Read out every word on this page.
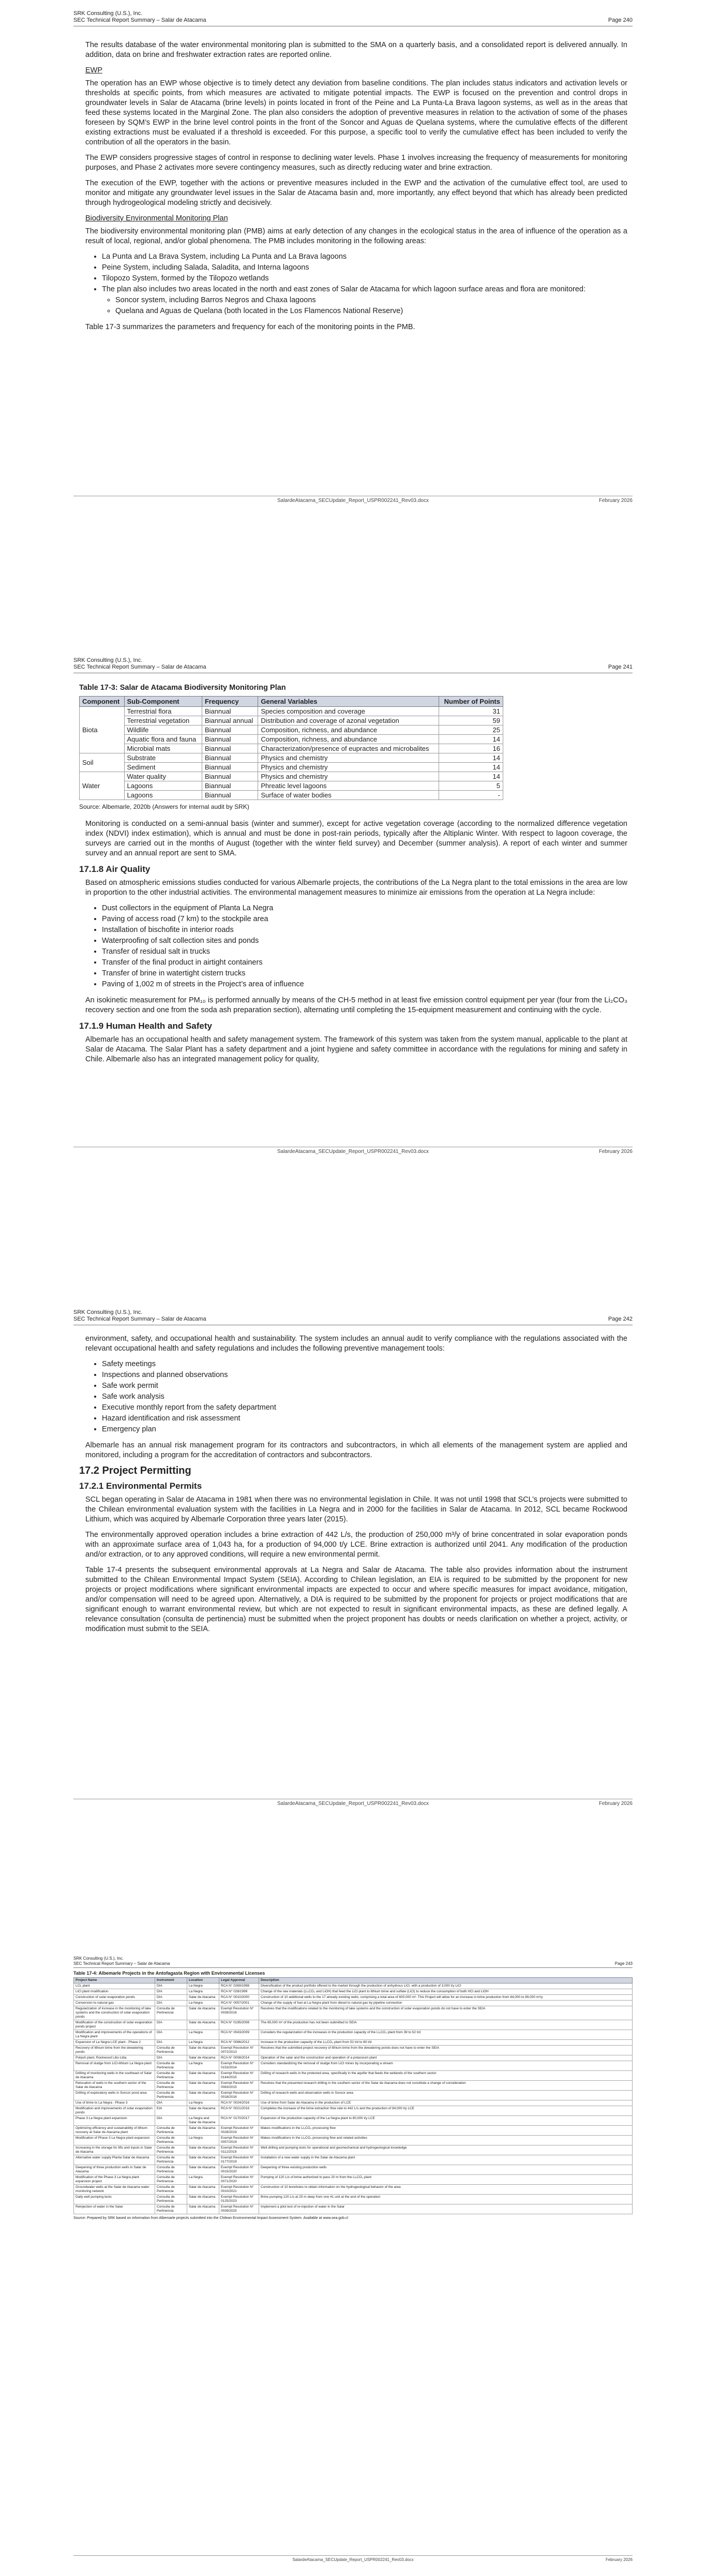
SRK Consulting (U.S.), Inc.
SEC Technical Report Summary – Salar de Atacama	Page 240

The results database of the water environmental monitoring plan is submitted to the SMA on a quarterly basis, and a consolidated report is delivered annually. In addition, data on brine and freshwater extraction rates are reported online.

EWP

The operation has an EWP whose objective is to timely detect any deviation from baseline conditions. The plan includes status indicators and activation levels or thresholds at specific points, from which measures are activated to mitigate potential impacts. The EWP is focused on the prevention and control drops in groundwater levels in Salar de Atacama (brine levels) in points located in front of the Peine and La Punta-La Brava lagoon systems, as well as in the areas that feed these systems located in the Marginal Zone. The plan also considers the adoption of preventive measures in relation to the activation of some of the phases foreseen by SQM’s EWP in the brine level control points in the front of the Soncor and Aguas de Quelana systems, where the cumulative effects of the different existing extractions must be evaluated if a threshold is exceeded. For this purpose, a specific tool to verify the cumulative effect has been included to verify the contribution of all the operators in the basin.

The EWP considers progressive stages of control in response to declining water levels. Phase 1 involves increasing the frequency of measurements for monitoring purposes, and Phase 2 activates more severe contingency measures, such as directly reducing water and brine extraction.

The execution of the EWP, together with the actions or preventive measures included in the EWP and the activation of the cumulative effect tool, are used to monitor and mitigate any groundwater level issues in the Salar de Atacama basin and, more importantly, any effect beyond that which has already been predicted through hydrogeological modeling strictly and decisively.

Biodiversity Environmental Monitoring Plan

The biodiversity environmental monitoring plan (PMB) aims at early detection of any changes in the ecological status in the area of influence of the operation as a result of local, regional, and/or global phenomena. The PMB includes monitoring in the following areas:

• La Punta and La Brava System, including La Punta and La Brava lagoons
• Peine System, including Salada, Saladita, and Interna lagoons
• Tilopozo System, formed by the Tilopozo wetlands
• The plan also includes two areas located in the north and east zones of Salar de Atacama for which lagoon surface areas and flora are monitored:
◦ Soncor system, including Barros Negros and Chaxa lagoons
◦ Quelana and Aguas de Quelana (both located in the Los Flamencos National Reserve)

Table 17-3 summarizes the parameters and frequency for each of the monitoring points in the PMB.

SalardeAtacama_SECUpdate_Report_USPR002241_Rev03.docx	February 2026
SRK Consulting (U.S.), Inc.
SEC Technical Report Summary – Salar de Atacama	Page 241
Table 17-3: Salar de Atacama Biodiversity Monitoring Plan
Component	Sub-Component	Frequency	General Variables	Number of Points
Biota	Terrestrial flora	Biannual	Species composition and coverage	31
	Terrestrial vegetation	Biannual annual	Distribution and coverage of azonal vegetation	59
	Wildlife	Biannual	Composition, richness, and abundance	25
	Aquatic flora and fauna	Biannual	Composition, richness, and abundance	14
	Microbial mats	Biannual	Characterization/presence of eupractes and microbalites	16
Soil	Substrate	Biannual	Physics and chemistry	14
	Sediment	Biannual	Physics and chemistry	14
Water	Water quality	Biannual	Physics and chemistry	14
	Lagoons	Biannual	Phreatic level lagoons	5
	Lagoons	Biannual	Surface of water bodies	-
Source: Albemarle, 2020b (Answers for internal audit by SRK)

Monitoring is conducted on a semi-annual basis (winter and summer), except for active vegetation coverage (according to the normalized difference vegetation index (NDVI) index estimation), which is annual and must be done in post-rain periods, typically after the Altiplanic Winter. With respect to lagoon coverage, the surveys are carried out in the months of August (together with the winter field survey) and December (summer analysis). A report of each winter and summer survey and an annual report are sent to SMA.

17.1.8 Air Quality

Based on atmospheric emissions studies conducted for various Albemarle projects, the contributions of the La Negra plant to the total emissions in the area are low in proportion to the other industrial activities. The environmental management measures to minimize air emissions from the operation at La Negra include:

• Dust collectors in the equipment of Planta La Negra
• Paving of access road (7 km) to the stockpile area
• Installation of bischofite in interior roads
• Waterproofing of salt collection sites and ponds
• Transfer of residual salt in trucks
• Transfer of the final product in airtight containers
• Transfer of brine in watertight cistern trucks
• Paving of 1,002 m of streets in the Project’s area of influence

An isokinetic measurement for PM₁₀ is performed annually by means of the CH-5 method in at least five emission control equipment per year (four from the Li₂CO₃ recovery section and one from the soda ash preparation section), alternating until completing the 15-equipment measurement and continuing with the cycle.

17.1.9 Human Health and Safety

Albemarle has an occupational health and safety management system. The framework of this system was taken from the system manual, applicable to the plant at Salar de Atacama. The Salar Plant has a safety department and a joint hygiene and safety committee in accordance with the regulations for mining and safety in Chile. Albemarle also has an integrated management policy for quality,

SalardeAtacama_SECUpdate_Report_USPR002241_Rev03.docx	February 2026
SRK Consulting (U.S.), Inc.
SEC Technical Report Summary – Salar de Atacama	Page 242

environment, safety, and occupational health and sustainability. The system includes an annual audit to verify compliance with the regulations associated with the relevant occupational health and safety regulations and includes the following preventive management tools:

• Safety meetings
• Inspections and planned observations
• Safe work permit
• Safe work analysis
• Executive monthly report from the safety department
• Hazard identification and risk assessment
• Emergency plan

Albemarle has an annual risk management program for its contractors and subcontractors, in which all elements of the management system are applied and monitored, including a program for the accreditation of contractors and subcontractors.

17.2 Project Permitting
17.2.1 Environmental Permits

SCL began operating in Salar de Atacama in 1981 when there was no environmental legislation in Chile. It was not until 1998 that SCL’s projects were submitted to the Chilean environmental evaluation system with the facilities in La Negra and in 2000 for the facilities in Salar de Atacama. In 2012, SCL became Rockwood Lithium, which was acquired by Albemarle Corporation three years later (2015).

The environmentally approved operation includes a brine extraction of 442 L/s, the production of 250,000 m³/y of brine concentrated in solar evaporation ponds with an approximate surface area of 1,043 ha, for a production of 94,000 t/y LCE. Brine extraction is authorized until 2041. Any modification of the production and/or extraction, or to any approved conditions, will require a new environmental permit.

Table 17-4 presents the subsequent environmental approvals at La Negra and Salar de Atacama. The table also provides information about the instrument submitted to the Chilean Environmental Impact System (SEIA). According to Chilean legislation, an EIA is required to be submitted by the proponent for new projects or project modifications where significant environmental impacts are expected to occur and where specific measures for impact avoidance, mitigation, and/or compensation will need to be agreed upon. Alternatively, a DIA is required to be submitted by the proponent for projects or project modifications that are significant enough to warrant environmental review, but which are not expected to result in significant environmental impacts, as these are defined legally. A relevance consultation (consulta de pertinencia) must be submitted when the project proponent has doubts or needs clarification on whether a project, activity, or modification must submit to the SEIA.

SalardeAtacama_SECUpdate_Report_USPR002241_Rev03.docx	February 2026
SRK Consulting (U.S.), Inc.
SEC Technical Report Summary – Salar de Atacama	Page 243
Table 17-4: Albemarle Projects in the Antofagasta Region with Environmental Licenses
Project Name	Instrument	Location	Legal Approval	Description
LCL plant	DIA	La Negra	RCA N° 0269/1998	Diversification of the product portfolio offered to the market through the production of anhydrous LiCl, with a production of 3,000 t/y LiCl
LiCl plant modification	DIA	La Negra	RCA N° 028/1999	Change of the raw materials (Li₂CO₃ and LiOH) that feed the LiCl plant to lithium brine and sulfate (LiCl) to reduce the consumption of both HCl and LiOH
Construction of solar evaporation ponds	DIA	Salar de Atacama	RCA N° 0010/2000	Construction of 10 additional wells to the 17 already existing wells, comprising a total area of 600,000 m². This Project will allow for an increase in brine production from 84,000 to 89,000 m³/y
Conversion to natural gas	DIA	La Negra	RCA N° 0057/2001	Change of the supply of fuel at La Negra plant from diesel to natural gas by pipeline connection
Regularization of increase in the monitoring of lake systems and the construction of solar evaporation ponds	Consulta de Pertinencia	Salar de Atacama	Exempt Resolution N° 0039/2016	Resolves that the modifications related to the monitoring of lake systems and the construction of solar evaporation ponds do not have to enter the SEIA
Modification of the construction of solar evaporation ponds project	DIA	Salar de Atacama	RCA N° 0195/2008	The 85,000 m² of the production has not been submitted to SEIA
Modification and improvements of the operations of La Negra plant	DIA	La Negra	RCA N° 0043/2009	Considers the regularization of the increases in the production capacity of the Li₂CO₃ plant from 39 to 52 t/d
Expansion of La Negra LCE plant - Phase 2	DIA	La Negra	RCA N° 0086/2012	Increase in the production capacity of the Li₂CO₃ plant from 52 t/d to 80 t/d
Recovery of lithium brine from the dewatering ponds	Consulta de Pertinencia	Salar de Atacama	Exempt Resolution N° 0072/2013	Resolves that the submitted project recovery of lithium brine from the dewatering ponds does not have to enter the SEIA
Potash plant, Rockwood Litio Ltda.	DIA	Salar de Atacama	RCA N° 0008/2014	Operation of the salar and the construction and operation of a potassium plant
Removal of sludge from LiCl-lithium La Negra plant	Consulta de Pertinencia	La Negra	Exempt Resolution N° 0153/2014	Considers standardizing the removal of sludge from LiCl mines by incorporating a stream
Drilling of monitoring wells in the southeast of Salar de Atacama	Consulta de Pertinencia	Salar de Atacama	Exempt Resolution N° 0144/2015	Drilling of research wells in the protected area, specifically in the aquifer that feeds the wetlands of the southern sector
Relocation of wells in the southern sector of the Salar de Atacama	Consulta de Pertinencia	Salar de Atacama	Exempt Resolution N° 0083/2015	Resolves that the presented research drilling in the southern sector of the Salar de Atacama does not constitute a change of consideration
Drilling of exploratory wells in Soncor pond area	Consulta de Pertinencia	Salar de Atacama	Exempt Resolution N° 0018/2016	Drilling of research wells and observation wells in Soncor area
Use of brine to La Negra - Phase 3	DIA	La Negra	RCA N° 0024/2016	Use of brine from Salar de Atacama in the production of LCE
Modification and improvements of solar evaporation ponds	EIA	Salar de Atacama	RCA N° 0021/2016	Completes the increase of the brine extraction flow rate to 442 L/s and the production of 94,000 t/y LCE
Phase 3 La Negra plant expansion	DIA	La Negra and Salar de Atacama	RCA N° 0170/2017	Expansion of the production capacity of the La Negra plant to 80,000 t/y LCE
Optimizing efficiency and sustainability of lithium recovery at Salar de Atacama plant	Consulta de Pertinencia	Salar de Atacama	Exempt Resolution N° 0028/2019	Makes modifications in the Li₂CO₃ processing flow
Modification of Phase 3 La Negra plant expansion	Consulta de Pertinencia	La Negra	Exempt Resolution N° 0057/2019	Makes modifications in the Li₂CO₃ processing flow and related activities
Increasing in the storage for lifts and inputs in Salar de Atacama	Consulta de Pertinencia	Salar de Atacama	Exempt Resolution N° 0112/2019	Well drilling and pumping tests for operational and geomechanical and hydrogeological knowledge
Alternative water supply Planta Salar de Atacama	Consulta de Pertinencia	Salar de Atacama	Exempt Resolution N° 0177/2019	Installation of a new water supply in the Salar de Atacama plant
Deepening of three production wells in Salar de Atacama	Consulta de Pertinencia	Salar de Atacama	Exempt Resolution N° 0015/2020	Deepening of three existing production wells
Modification of the Phase 3 La Negra plant expansion project	Consulta de Pertinencia	La Negra	Exempt Resolution N° 0071/2020	Pumping of 120 L/s of brine authorized to pass 20 m from the Li₂CO₃ plant
Groundwater wells at the Salar de Atacama water monitoring network	Consulta de Pertinencia	Salar de Atacama	Exempt Resolution N° 0010/2021	Construction of 10 boreholes to obtain information on the hydrogeological behavior of the area
Daily well pumping tests	Consulta de Pertinencia	Salar de Atacama	Exempt Resolution N° 0125/2023	Brine pumping 120 L/s at 25 m deep from one 41 unit at the end of the operation
Reinjection of water in the Salar	Consulta de Pertinencia	Salar de Atacama	Exempt Resolution N° 0039/2025	Implement a pilot test of re-injection of water in the Salar
Source: Prepared by SRK based on information from Albemarle projects submitted into the Chilean Environmental Impact Assessment System. Available at www.sea.gob.cl
SalardeAtacama_SECUpdate_Report_USPR002241_Rev03.docx	February 2026
